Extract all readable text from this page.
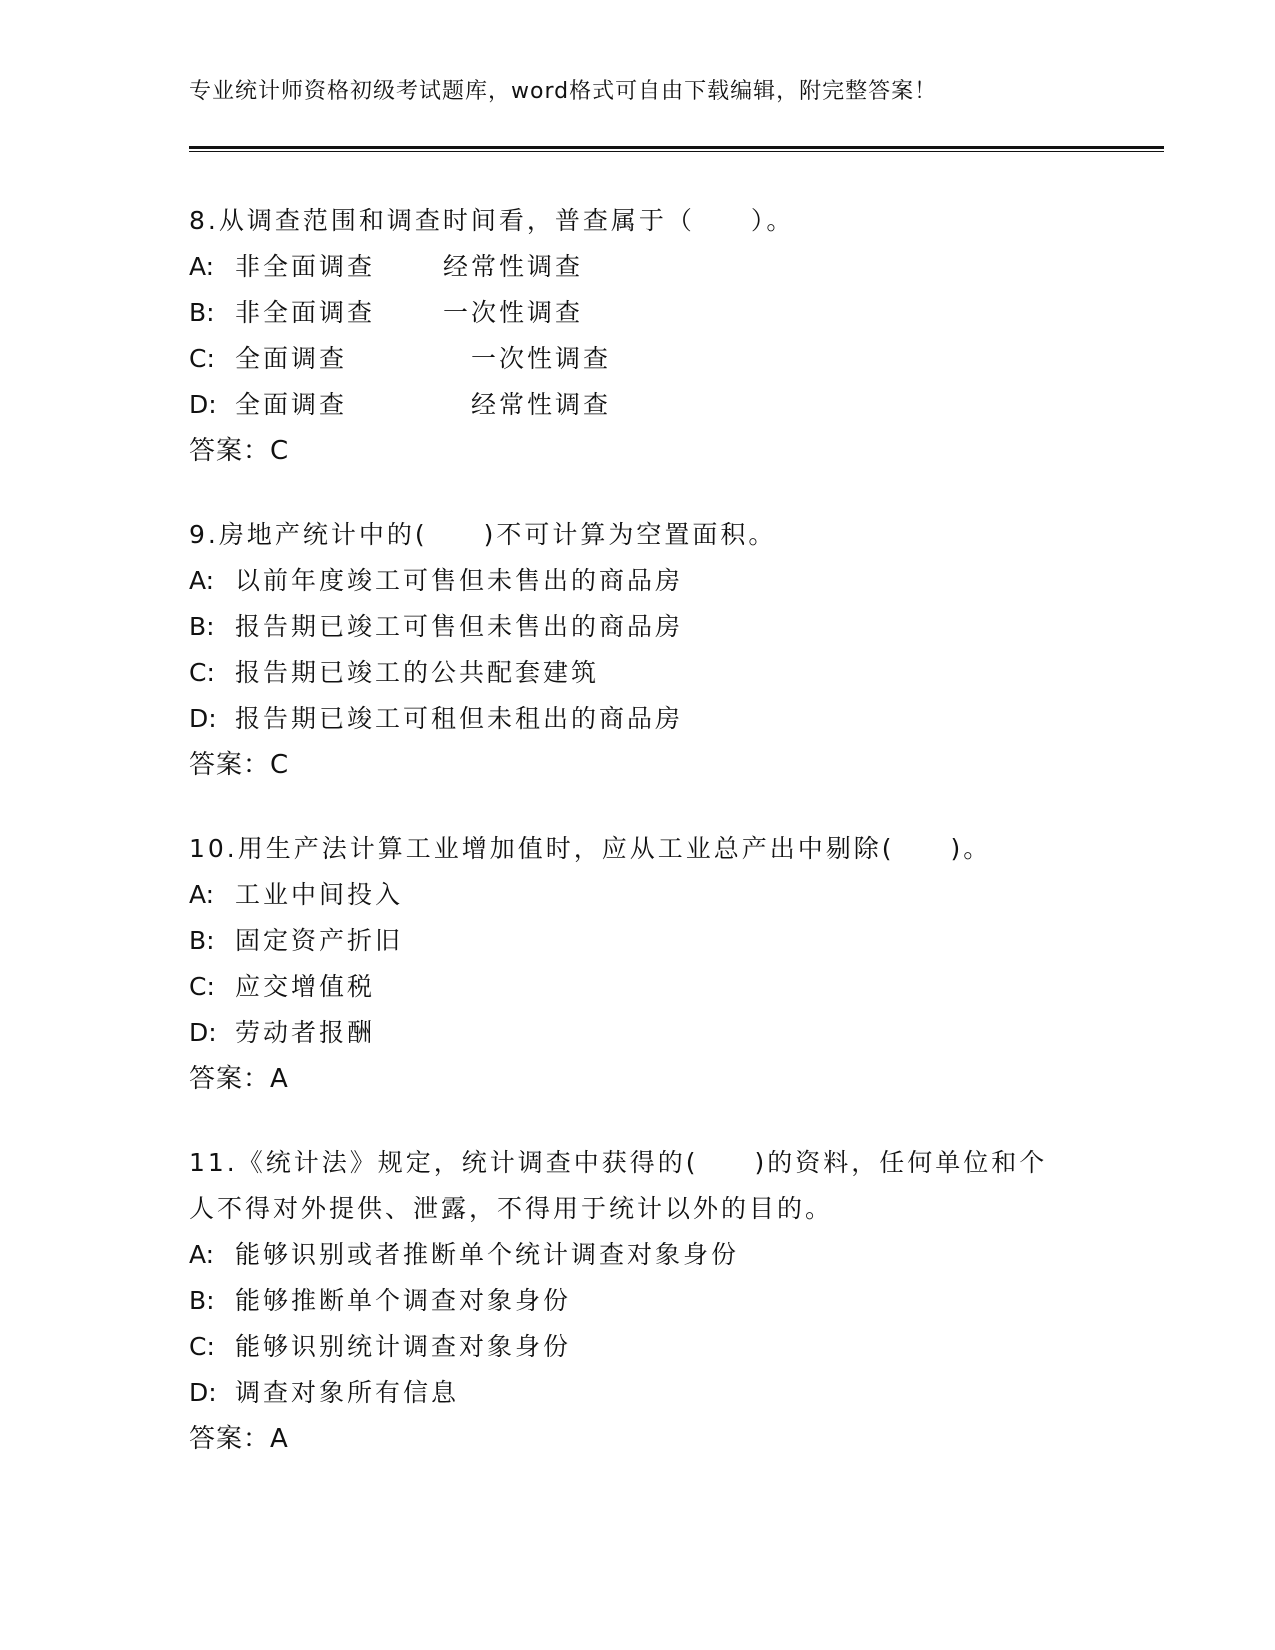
专业统计师资格初级考试题库，word格式可自由下载编辑，附完整答案！
8.从调查范围和调查时间看，普查属于（　　）。
A: 非全面调查	经常性调查
B: 非全面调查	一次性调查
C: 全面调查	一次性调查
D: 全面调查	经常性调查
答案：C
9.房地产统计中的(　　)不可计算为空置面积。
A: 以前年度竣工可售但未售出的商品房
B: 报告期已竣工可售但未售出的商品房
C: 报告期已竣工的公共配套建筑
D: 报告期已竣工可租但未租出的商品房
答案：C
10.用生产法计算工业增加值时，应从工业总产出中剔除(　　)。
A: 工业中间投入
B: 固定资产折旧
C: 应交增值税
D: 劳动者报酬
答案：A
11.《统计法》规定，统计调查中获得的(　　)的资料，任何单位和个人不得对外提供、泄露，不得用于统计以外的目的。
A: 能够识别或者推断单个统计调查对象身份
B: 能够推断单个调查对象身份
C: 能够识别统计调查对象身份
D: 调查对象所有信息
答案：A
